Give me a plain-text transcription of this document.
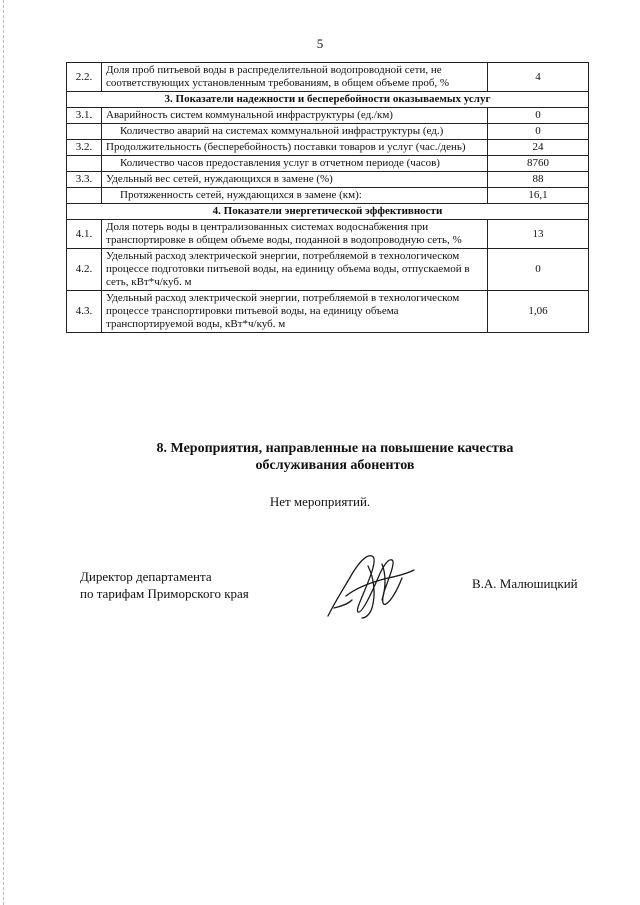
5
2.2.	Доля проб питьевой воды в распределительной водопроводной сети, не соответствующих установленным требованиям, в общем объеме проб, %	4
3. Показатели надежности и бесперебойности оказываемых услуг		
3.1.	Аварийность систем коммунальной инфраструктуры (ед./км)	0
	Количество аварий на системах коммунальной инфраструктуры (ед.)	0
3.2.	Продолжительность (бесперебойность) поставки товаров и услуг (час./день)	24
	Количество часов предоставления услуг в отчетном периоде (часов)	8760
3.3.	Удельный вес сетей, нуждающихся в замене (%)	88
	Протяженность сетей, нуждающихся в замене (км):	16,1
4. Показатели энергетической эффективности		
4.1.	Доля потерь воды в централизованных системах водоснабжения при транспортировке в общем объеме воды, поданной в водопроводную сеть, %	13
4.2.	Удельный расход электрической энергии, потребляемой в технологическом процессе подготовки питьевой воды, на единицу объема воды, отпускаемой в сеть, кВт*ч/куб. м	0
4.3.	Удельный расход электрической энергии, потребляемой в технологическом процессе транспортировки питьевой воды, на единицу объема транспортируемой воды, кВт*ч/куб. м	1,06
8. Мероприятия, направленные на повышение качества
обслуживания абонентов
Нет мероприятий.
Директор департамента
по тарифам Приморского края
В.А. Малюшицкий
